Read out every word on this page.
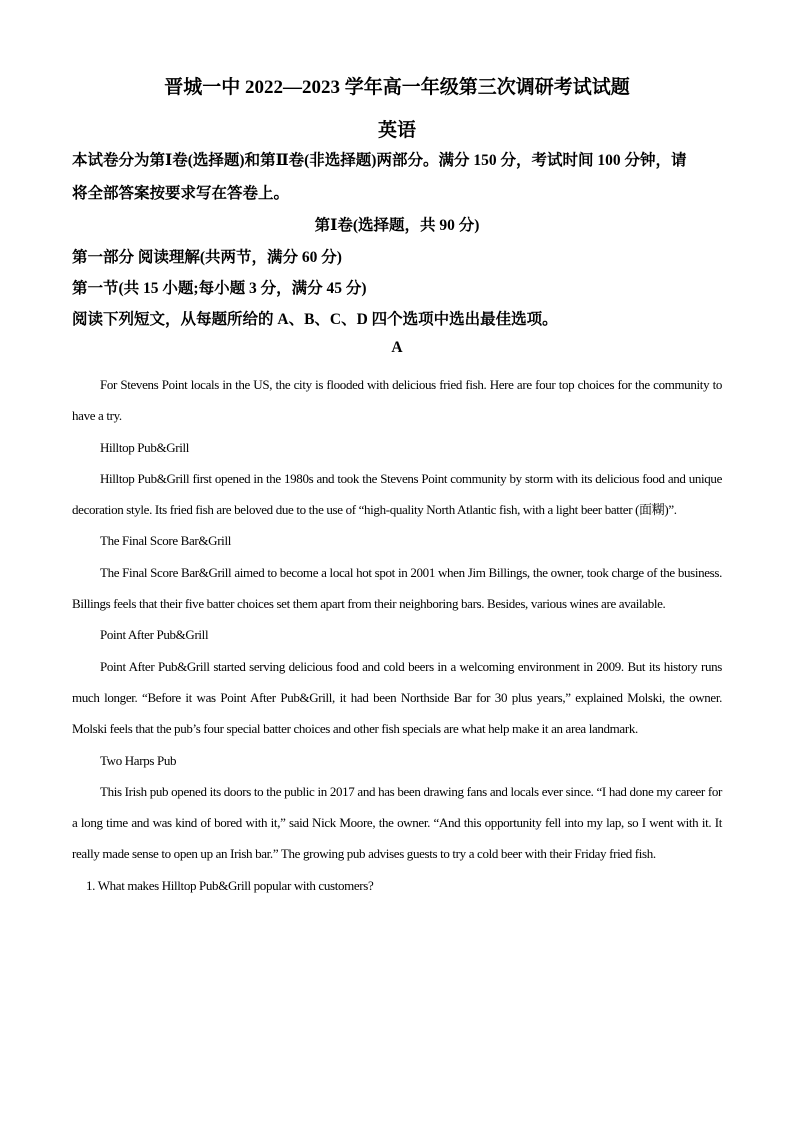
晋城一中 2022—2023 学年高一年级第三次调研考试试题
英语
本试卷分为第Ⅰ卷(选择题)和第Ⅱ卷(非选择题)两部分。满分 150 分，考试时间 100 分钟，请
将全部答案按要求写在答卷上。
第Ⅰ卷(选择题，共 90 分)
第一部分 阅读理解(共两节，满分 60 分)
第一节(共 15 小题;每小题 3 分，满分 45 分)
阅读下列短文，从每题所给的 A、B、C、D 四个选项中选出最佳选项。
A

For Stevens Point locals in the US, the city is flooded with delicious fried fish. Here are four top choices for the community to have a try.

Hilltop Pub&Grill

Hilltop Pub&Grill first opened in the 1980s and took the Stevens Point community by storm with its delicious food and unique decoration style. Its fried fish are beloved due to the use of “high-quality North Atlantic fish, with a light beer batter (面糊)”.

The Final Score Bar&Grill

The Final Score Bar&Grill aimed to become a local hot spot in 2001 when Jim Billings, the owner, took charge of the business. Billings feels that their five batter choices set them apart from their neighboring bars. Besides, various wines are available.

Point After Pub&Grill

Point After Pub&Grill started serving delicious food and cold beers in a welcoming environment in 2009. But its history runs much longer. “Before it was Point After Pub&Grill, it had been Northside Bar for 30 plus years,” explained Molski, the owner. Molski feels that the pub’s four special batter choices and other fish specials are what help make it an area landmark.

Two Harps Pub

This Irish pub opened its doors to the public in 2017 and has been drawing fans and locals ever since. “I had done my career for a long time and was kind of bored with it,” said Nick Moore, the owner. “And this opportunity fell into my lap, so I went with it. It really made sense to open up an Irish bar.” The growing pub advises guests to try a cold beer with their Friday fried fish.

1. What makes Hilltop Pub&Grill popular with customers?
